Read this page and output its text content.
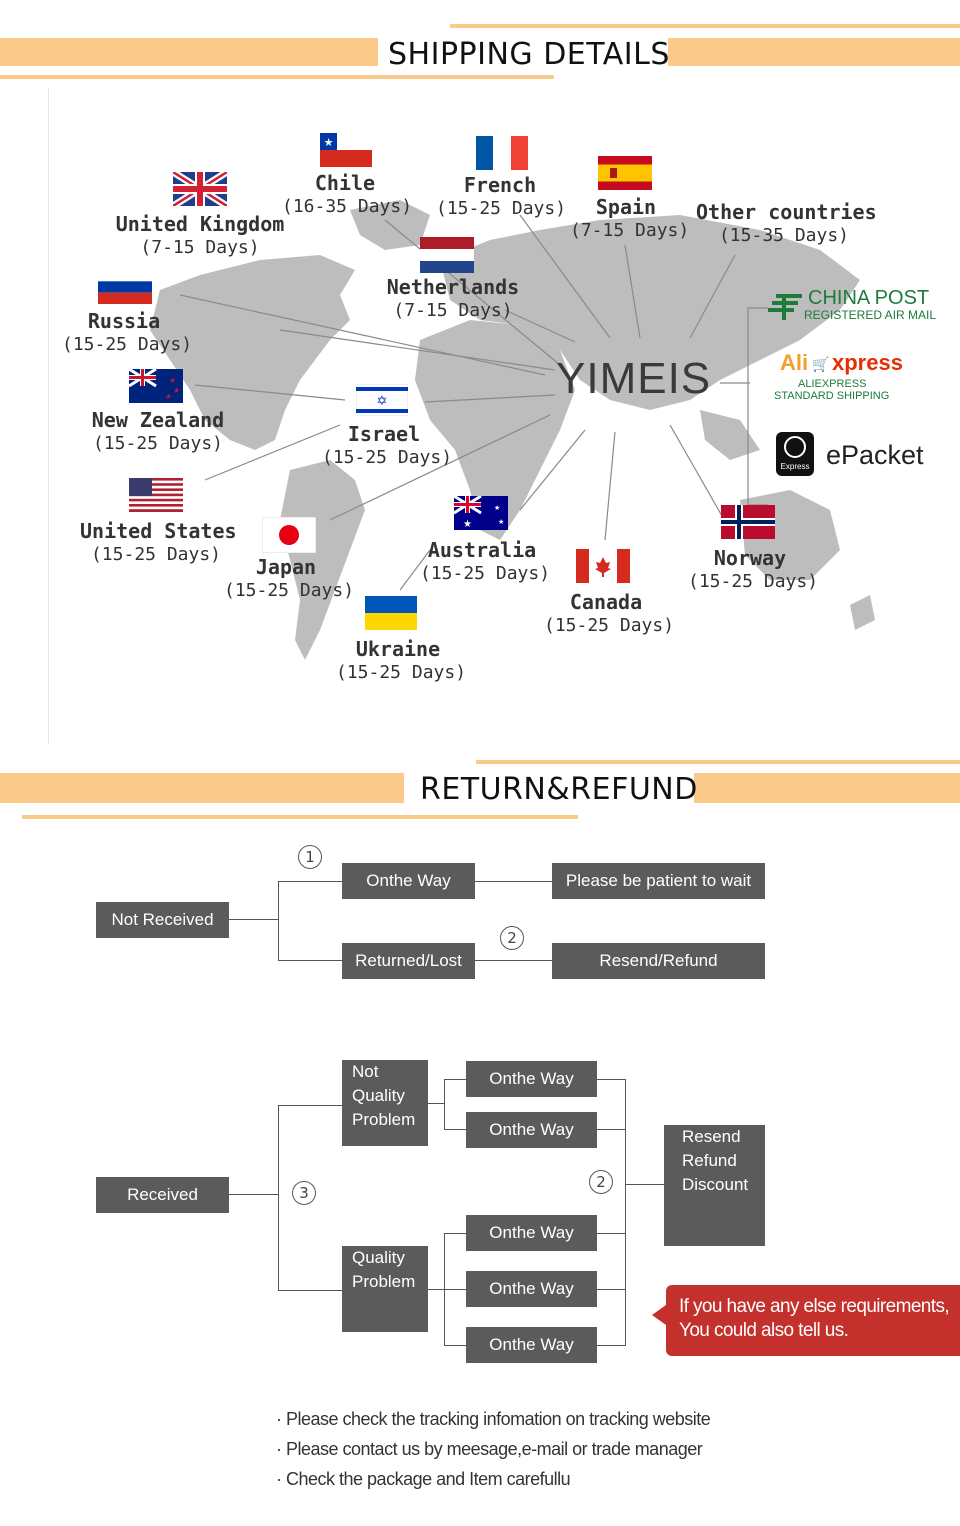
SHIPPING DETAILS
YIMEIS
★
★
★
★	✡
★
★
★
United Kingdom
(7-15 Days)
Chile
(16-35 Days)
French
(15-25 Days)	Spain
(7-15 Days)
Other countries
(15-35 Days)
Netherlands
(7-15 Days)
Russia
(15-25 Days)
New Zealand
(15-25 Days)	Israel
(15-25 Days)
United States
(15-25 Days)
Japan
(15-25 Days)
Australia
(15-25 Days)
Canada
(15-25 Days)
Norway
(15-25 Days)
Ukraine
(15-25 Days)
CHINA POST
REGISTERED AIR MAIL
Ali 🛒 xpress
ALIEXPRESS
STANDARD SHIPPING
Express ePacket
RETURN&REFUND
Not Received
1
Onthe Way	Please be patient to wait
Returned/Lost
2
Resend/Refund
Received	3
Not
Quality
Problem
Quality
Problem
Onthe Way
Onthe Way
Onthe Way
Onthe Way
Onthe Way
2
Resend
Refund
Discount
If you have any else requirements,
You could also tell us.
· Please check the tracking infomation on tracking website
· Please contact us by meesage,e-mail or trade manager
· Check the package and Item carefullu
